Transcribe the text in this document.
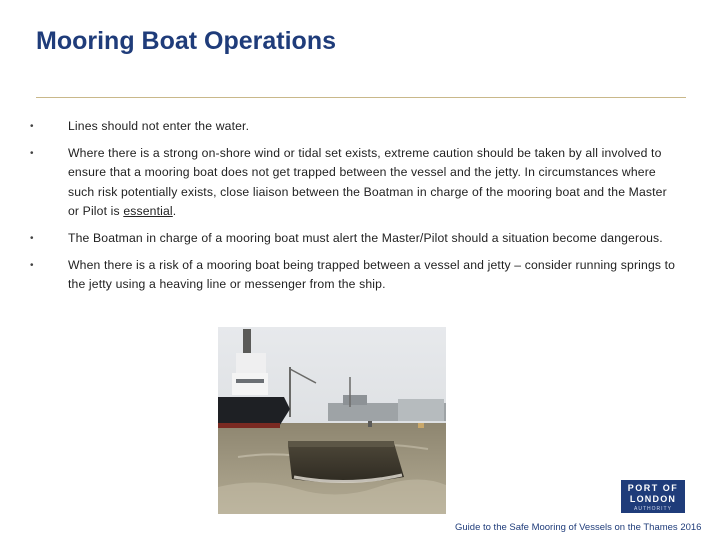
Mooring Boat Operations
•	Lines should not enter the water.
•	Where there is a strong on-shore wind or tidal set exists, extreme caution should be taken by all involved to ensure that a mooring boat does not get trapped between the vessel and the jetty. In circumstances where such risk potentially exists, close liaison between the Boatman in charge of the mooring boat and the Master or Pilot is essential.
•	The Boatman in charge of a mooring boat must alert the Master/Pilot should a situation become dangerous.
•	When there is a risk of a mooring boat being trapped between a vessel and jetty – consider running springs to the jetty using a heaving line or messenger from the ship.
PORT OF
LONDON
AUTHORITY
Guide to the Safe Mooring of Vessels on the Thames 2016
